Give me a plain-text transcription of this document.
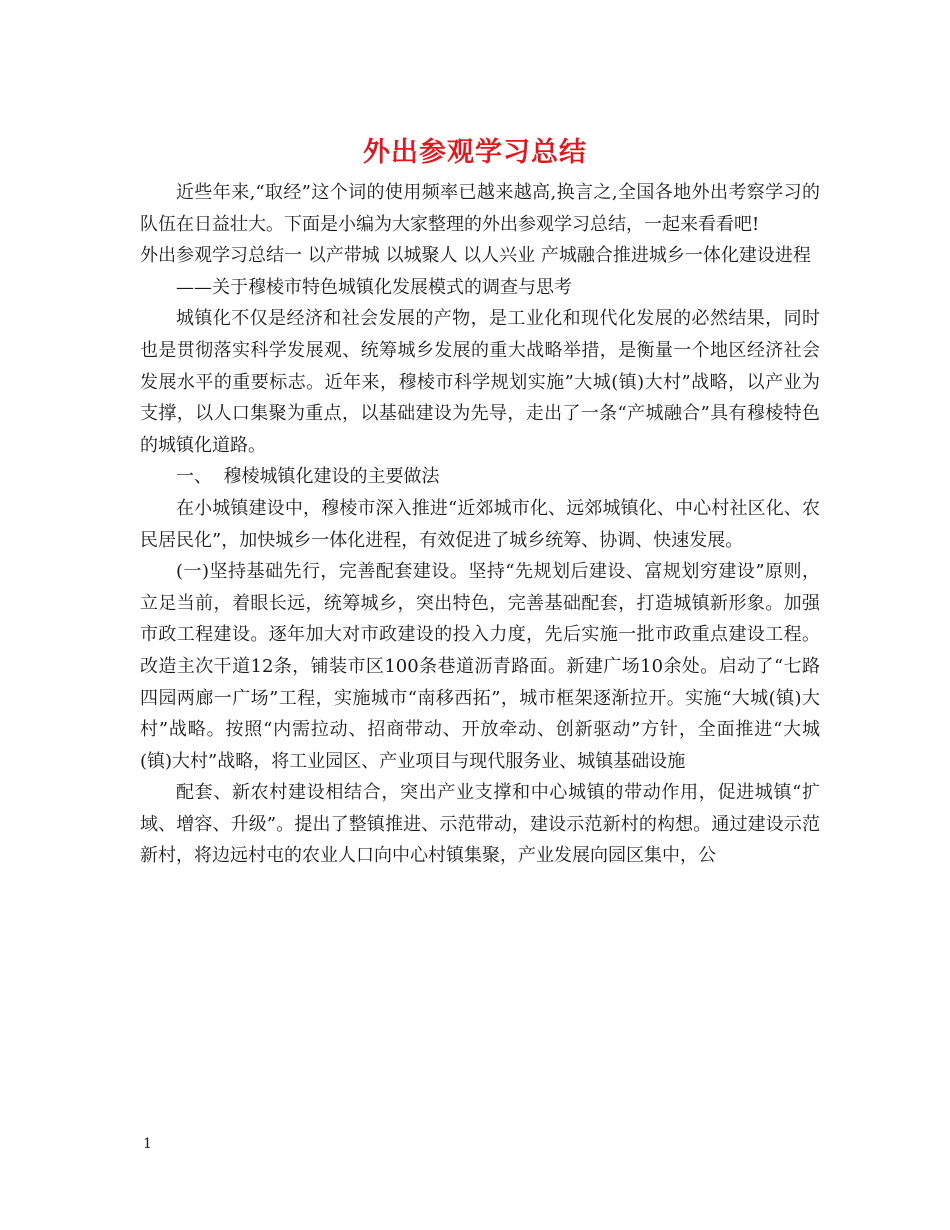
外出参观学习总结

近些年来,“取经”这个词的使用频率已越来越高,换言之,全国各地外出考察学习的队伍在日益壮大。下面是小编为大家整理的外出参观学习总结，一起来看看吧!

外出参观学习总结一 以产带城 以城聚人 以人兴业 产城融合推进城乡一体化建设进程

——关于穆棱市特色城镇化发展模式的调查与思考

城镇化不仅是经济和社会发展的产物，是工业化和现代化发展的必然结果，同时也是贯彻落实科学发展观、统筹城乡发展的重大战略举措，是衡量一个地区经济社会发展水平的重要标志。近年来，穆棱市科学规划实施”大城(镇)大村”战略，以产业为支撑，以人口集聚为重点，以基础建设为先导，走出了一条“产城融合”具有穆棱特色的城镇化道路。

一、  穆棱城镇化建设的主要做法

在小城镇建设中，穆棱市深入推进“近郊城市化、远郊城镇化、中心村社区化、农民居民化”，加快城乡一体化进程，有效促进了城乡统筹、协调、快速发展。

(一)坚持基础先行，完善配套建设。坚持“先规划后建设、富规划穷建设”原则，立足当前，着眼长远，统筹城乡，突出特色，完善基础配套，打造城镇新形象。加强市政工程建设。逐年加大对市政建设的投入力度，先后实施一批市政重点建设工程。改造主次干道12条，铺装市区100条巷道沥青路面。新建广场10余处。启动了“七路四园两廊一广场”工程，实施城市“南移西拓”，城市框架逐渐拉开。实施“大城(镇)大村”战略。按照“内需拉动、招商带动、开放牵动、创新驱动”方针，全面推进“大城(镇)大村”战略，将工业园区、产业项目与现代服务业、城镇基础设施

配套、新农村建设相结合，突出产业支撑和中心城镇的带动作用，促进城镇“扩域、增容、升级”。提出了整镇推进、示范带动，建设示范新村的构想。通过建设示范新村，将边远村屯的农业人口向中心村镇集聚，产业发展向园区集中，公

1
